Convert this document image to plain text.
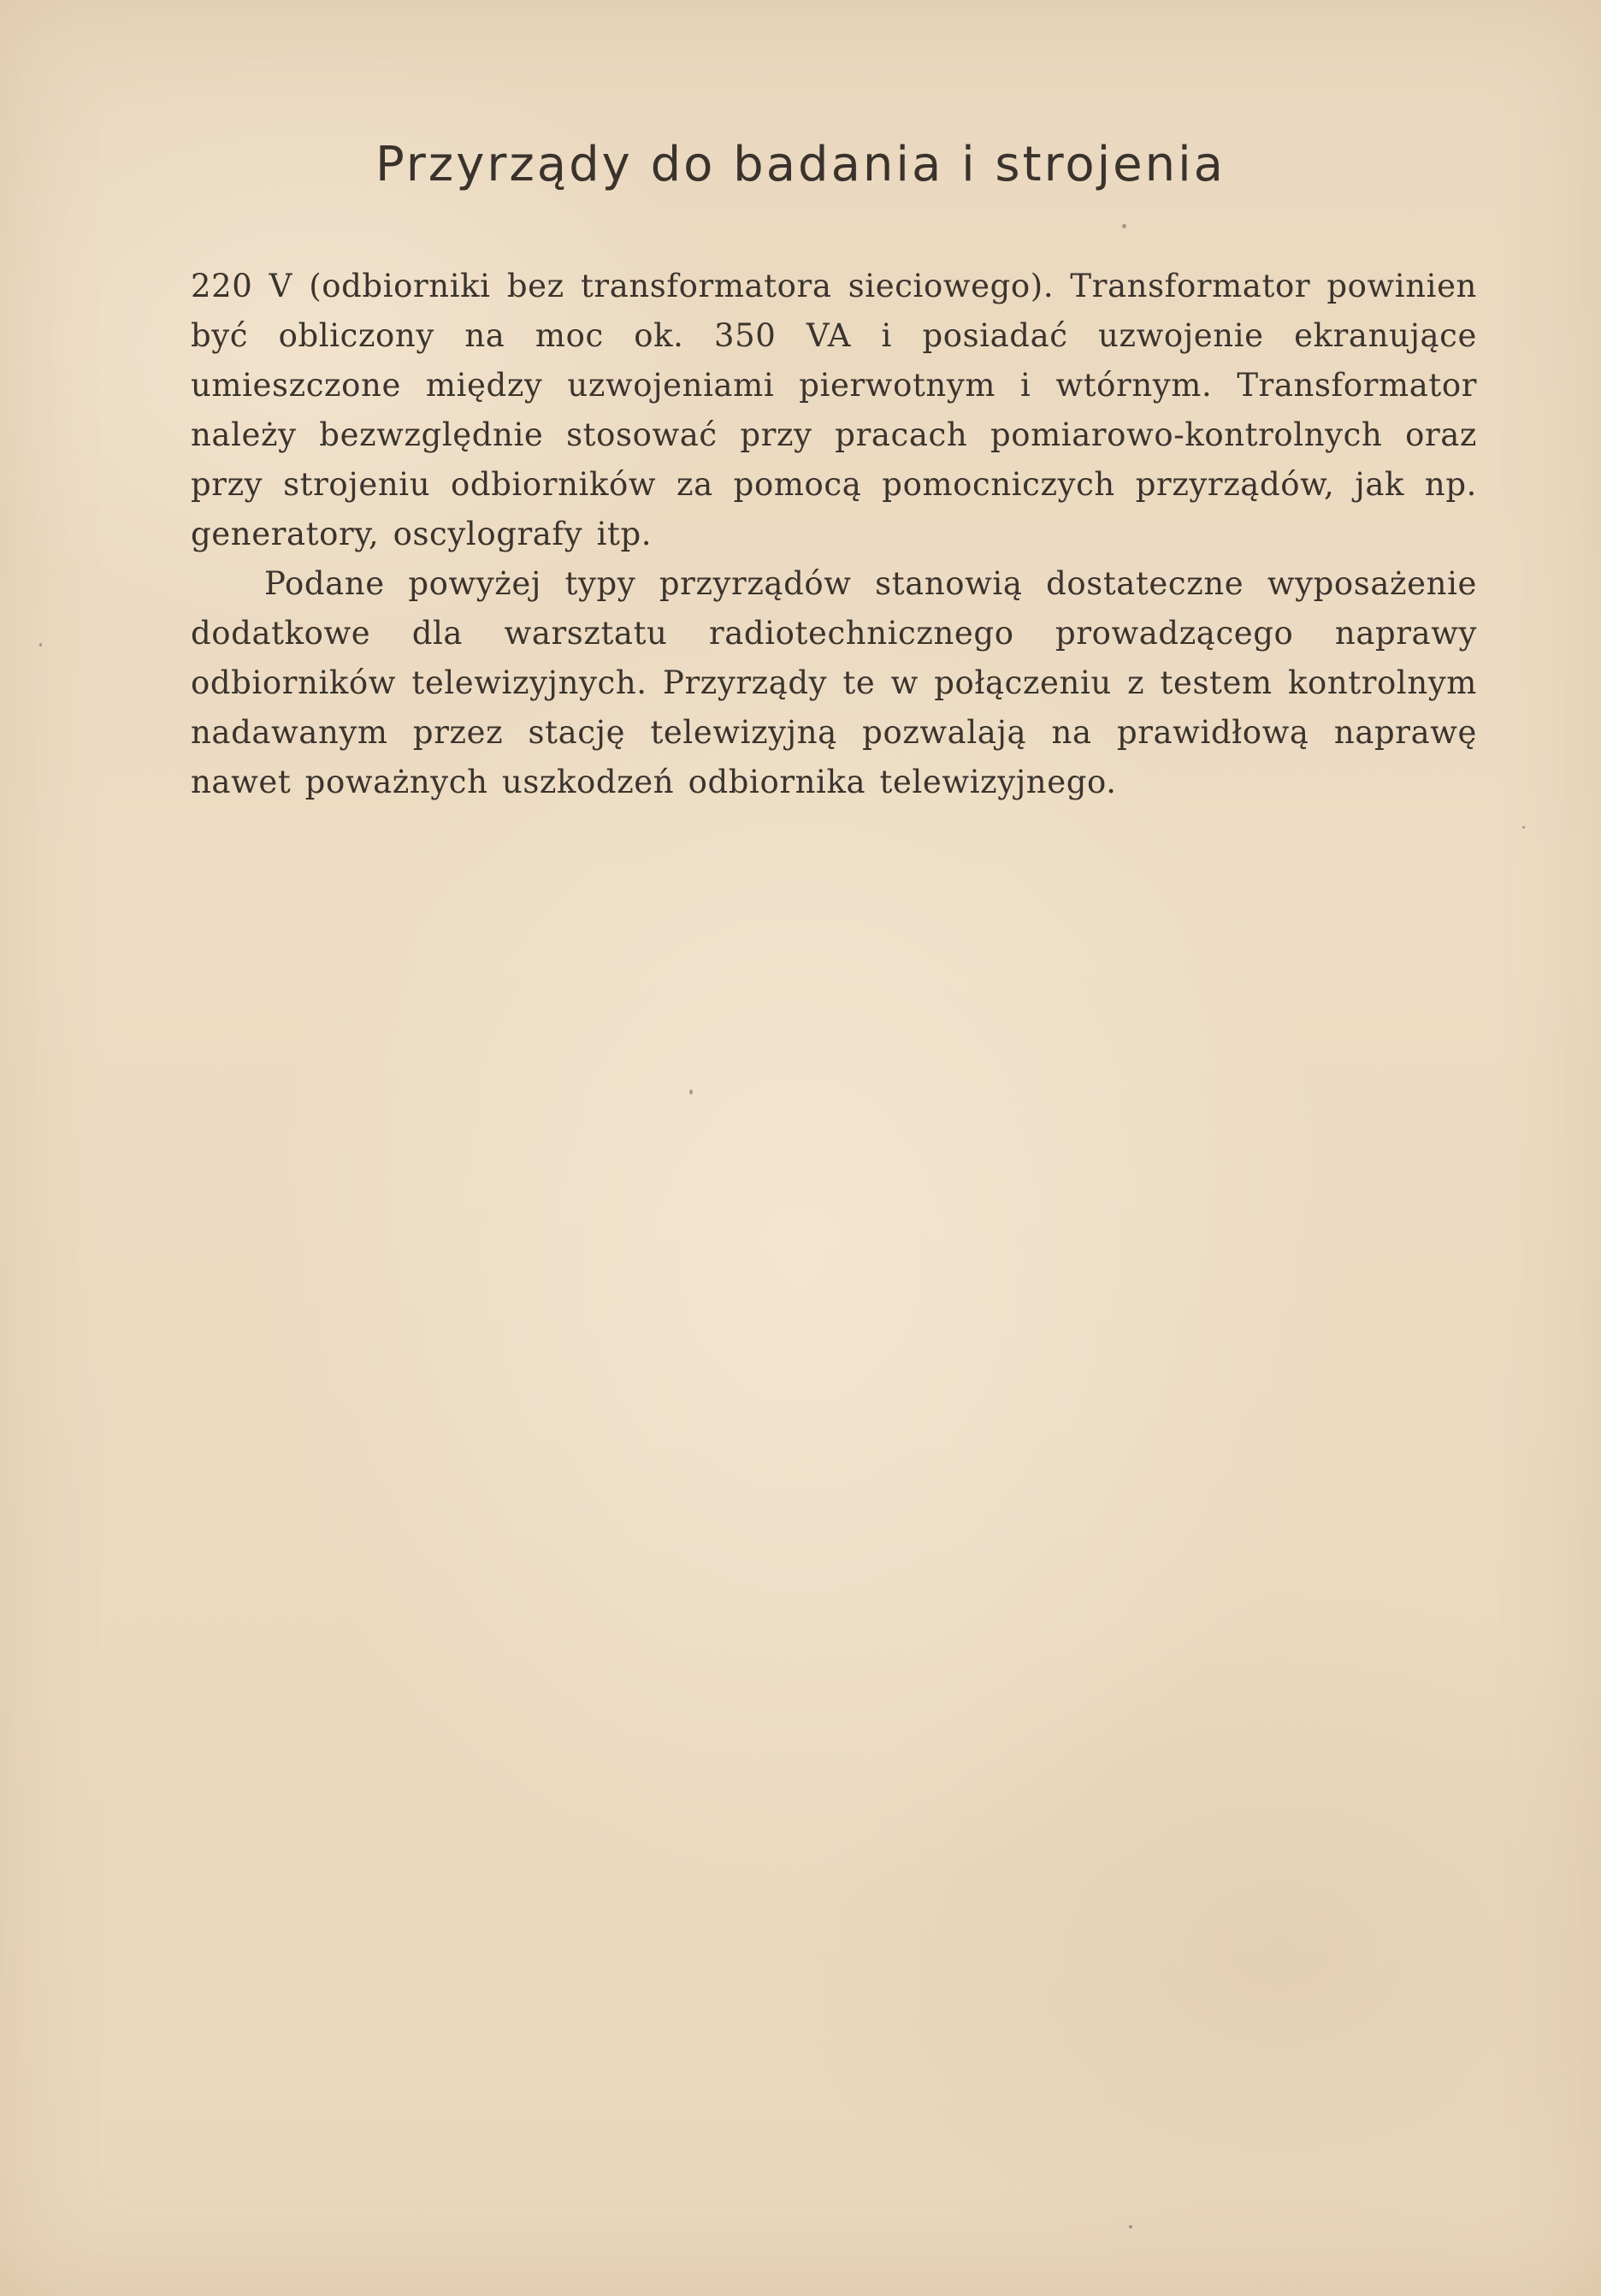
Przyrządy do badania i strojenia

220 V (odbiorniki bez transformatora sieciowego). Transformator powinien być obliczony na moc ok. 350 VA i posiadać uzwojenie ekranujące umieszczone między uzwojeniami pierwotnym i wtórnym. Transformator należy bezwzględnie stosować przy pracach pomiarowo-kontrolnych oraz przy strojeniu odbiorników za pomocą pomocniczych przyrządów, jak np. generatory, oscylografy itp.

Podane powyżej typy przyrządów stanowią dostateczne wyposażenie dodatkowe dla warsztatu radiotechnicznego prowadzącego naprawy odbiorników telewizyjnych. Przyrządy te w połączeniu z testem kontrolnym nadawanym przez stację telewizyjną pozwalają na prawidłową naprawę nawet poważnych uszkodzeń odbiornika telewizyjnego.
